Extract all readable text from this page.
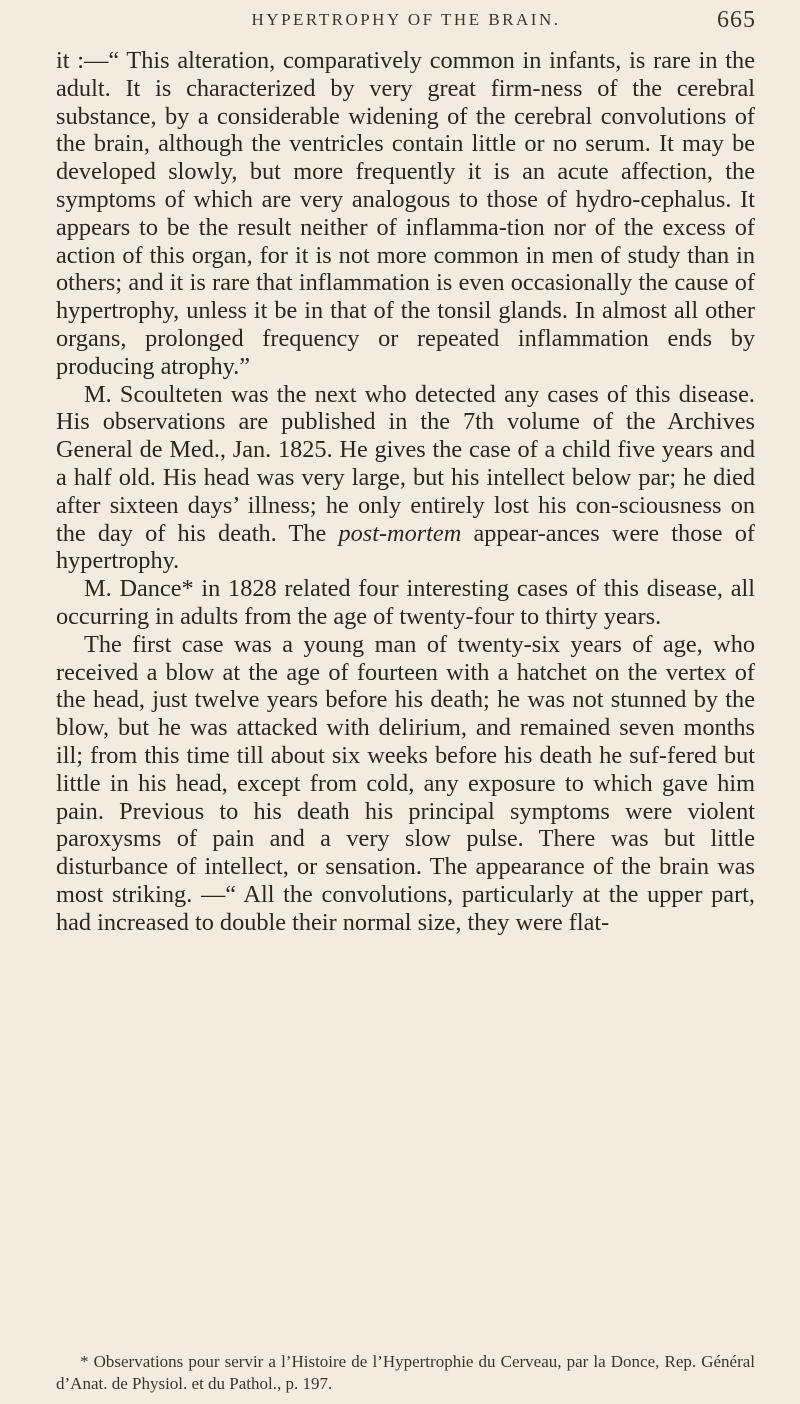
HYPERTROPHY OF THE BRAIN.	665

it :—“ This alteration, comparatively common in infants, is rare in the adult. It is characterized by very great firm-ness of the cerebral substance, by a considerable widening of the cerebral convolutions of the brain, although the ventricles contain little or no serum. It may be developed slowly, but more frequently it is an acute affection, the symptoms of which are very analogous to those of hydro-cephalus. It appears to be the result neither of inflamma-tion nor of the excess of action of this organ, for it is not more common in men of study than in others; and it is rare that inflammation is even occasionally the cause of hypertrophy, unless it be in that of the tonsil glands. In almost all other organs, prolonged frequency or repeated inflammation ends by producing atrophy.”

M. Scoulteten was the next who detected any cases of this disease. His observations are published in the 7th volume of the Archives General de Med., Jan. 1825. He gives the case of a child five years and a half old. His head was very large, but his intellect below par; he died after sixteen days’ illness; he only entirely lost his con-sciousness on the day of his death. The post-mortem appear-ances were those of hypertrophy.

M. Dance* in 1828 related four interesting cases of this disease, all occurring in adults from the age of twenty-four to thirty years.

The first case was a young man of twenty-six years of age, who received a blow at the age of fourteen with a hatchet on the vertex of the head, just twelve years before his death; he was not stunned by the blow, but he was attacked with delirium, and remained seven months ill; from this time till about six weeks before his death he suf-fered but little in his head, except from cold, any exposure to which gave him pain. Previous to his death his principal symptoms were violent paroxysms of pain and a very slow pulse. There was but little disturbance of intellect, or sensation. The appearance of the brain was most striking. —“ All the convolutions, particularly at the upper part, had increased to double their normal size, they were flat-

* Observations pour servir a l’Histoire de l’Hypertrophie du Cerveau, par la Donce, Rep. Général d’Anat. de Physiol. et du Pathol., p. 197.
